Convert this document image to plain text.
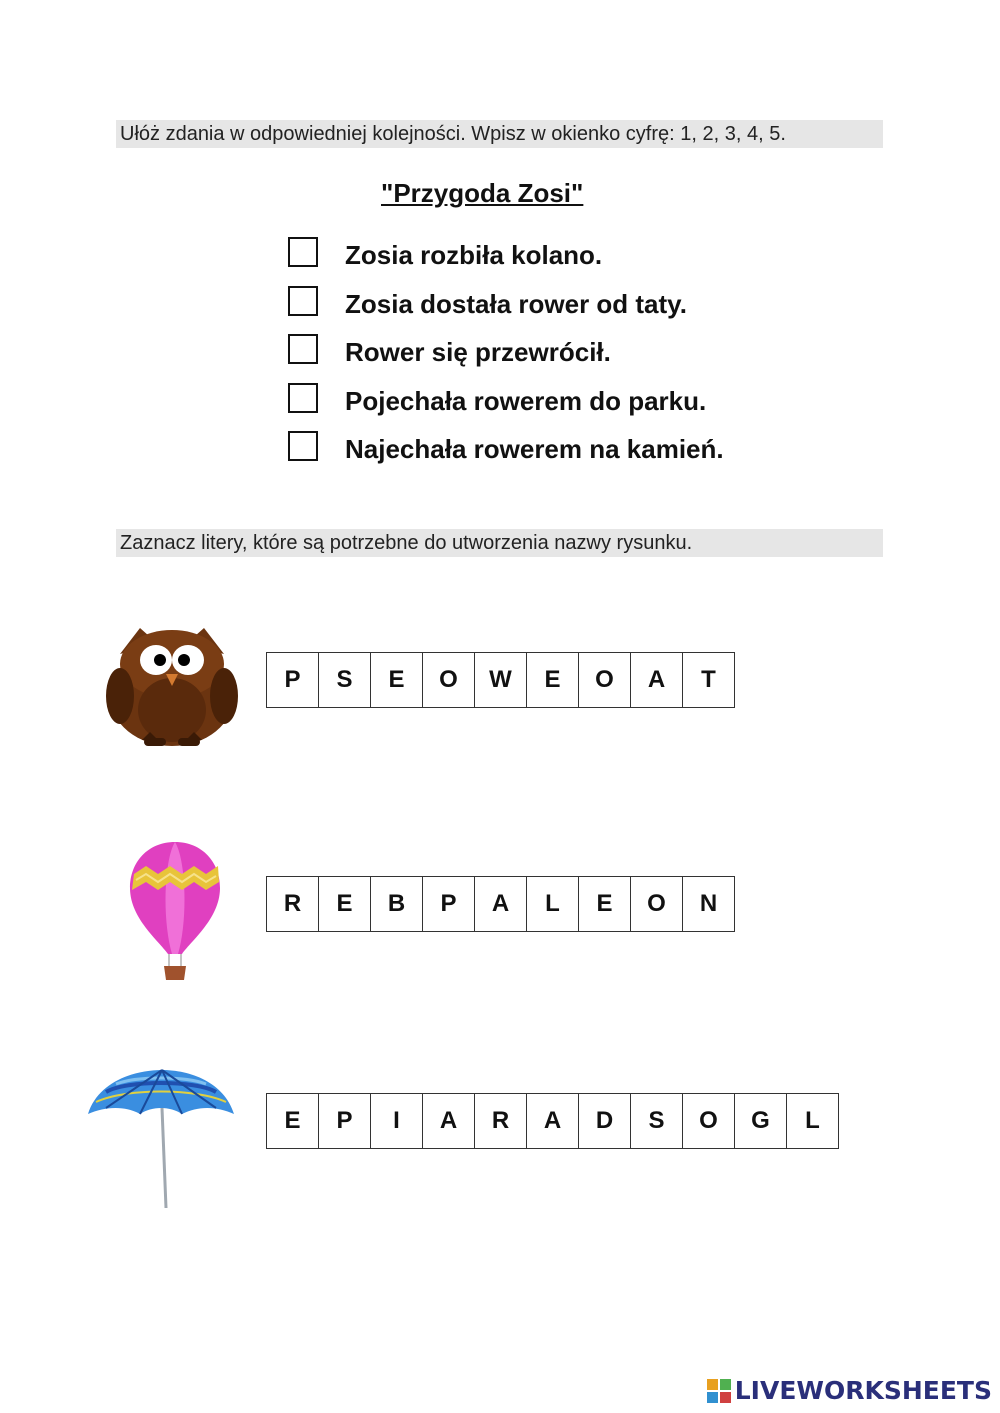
Ułóż zdania w odpowiedniej kolejności. Wpisz w okienko cyfrę: 1, 2, 3, 4, 5.
"Przygoda Zosi"
Zosia rozbiła kolano.
Zosia dostała rower od taty.
Rower się przewrócił.
Pojechała rowerem do parku.
Najechała rowerem na kamień.
Zaznacz litery, które są potrzebne do utworzenia nazwy rysunku.
P	S	E	O	W	E	O	A	T
R	E	B	P	A	L	E	O	N
E	P	I	A	R	A	D	S	O	G	L
LIVEWORKSHEETS
